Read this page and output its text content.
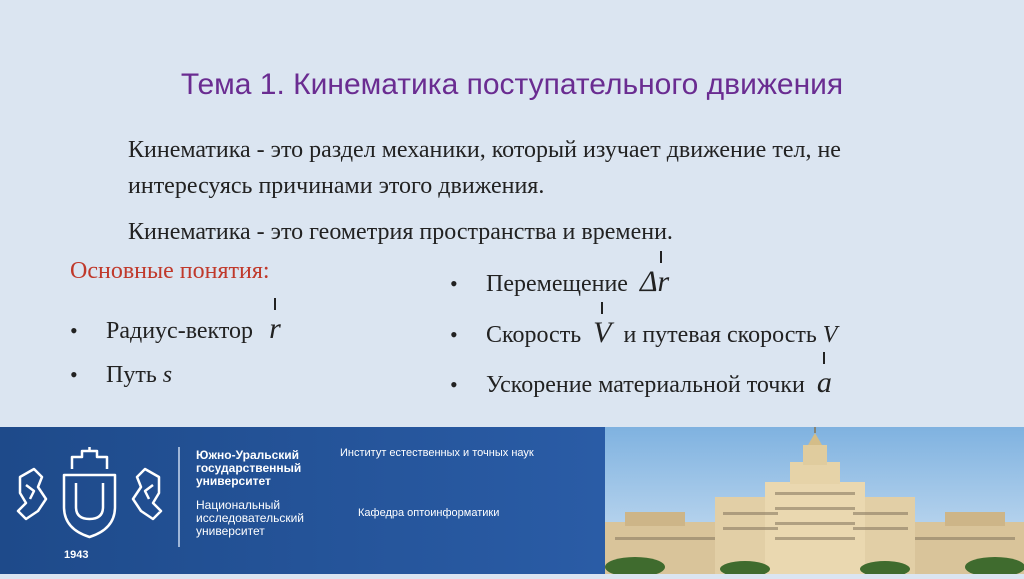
Тема 1. Кинематика поступательного движения
Кинематика - это раздел механики, который изучает движение тел, не интересуясь причинами этого движения.
Кинематика - это геометрия пространства и времени.
Основные понятия:
• Радиус-вектор r
• Путь s
• Перемещение Δr
• Скорость V и путевая скорость V
• Ускорение материальной точки a
1943
Южно-Уральский государственный университет
Национальный исследовательский университет
Институт естественных и точных наук
Кафедра оптоинформатики
